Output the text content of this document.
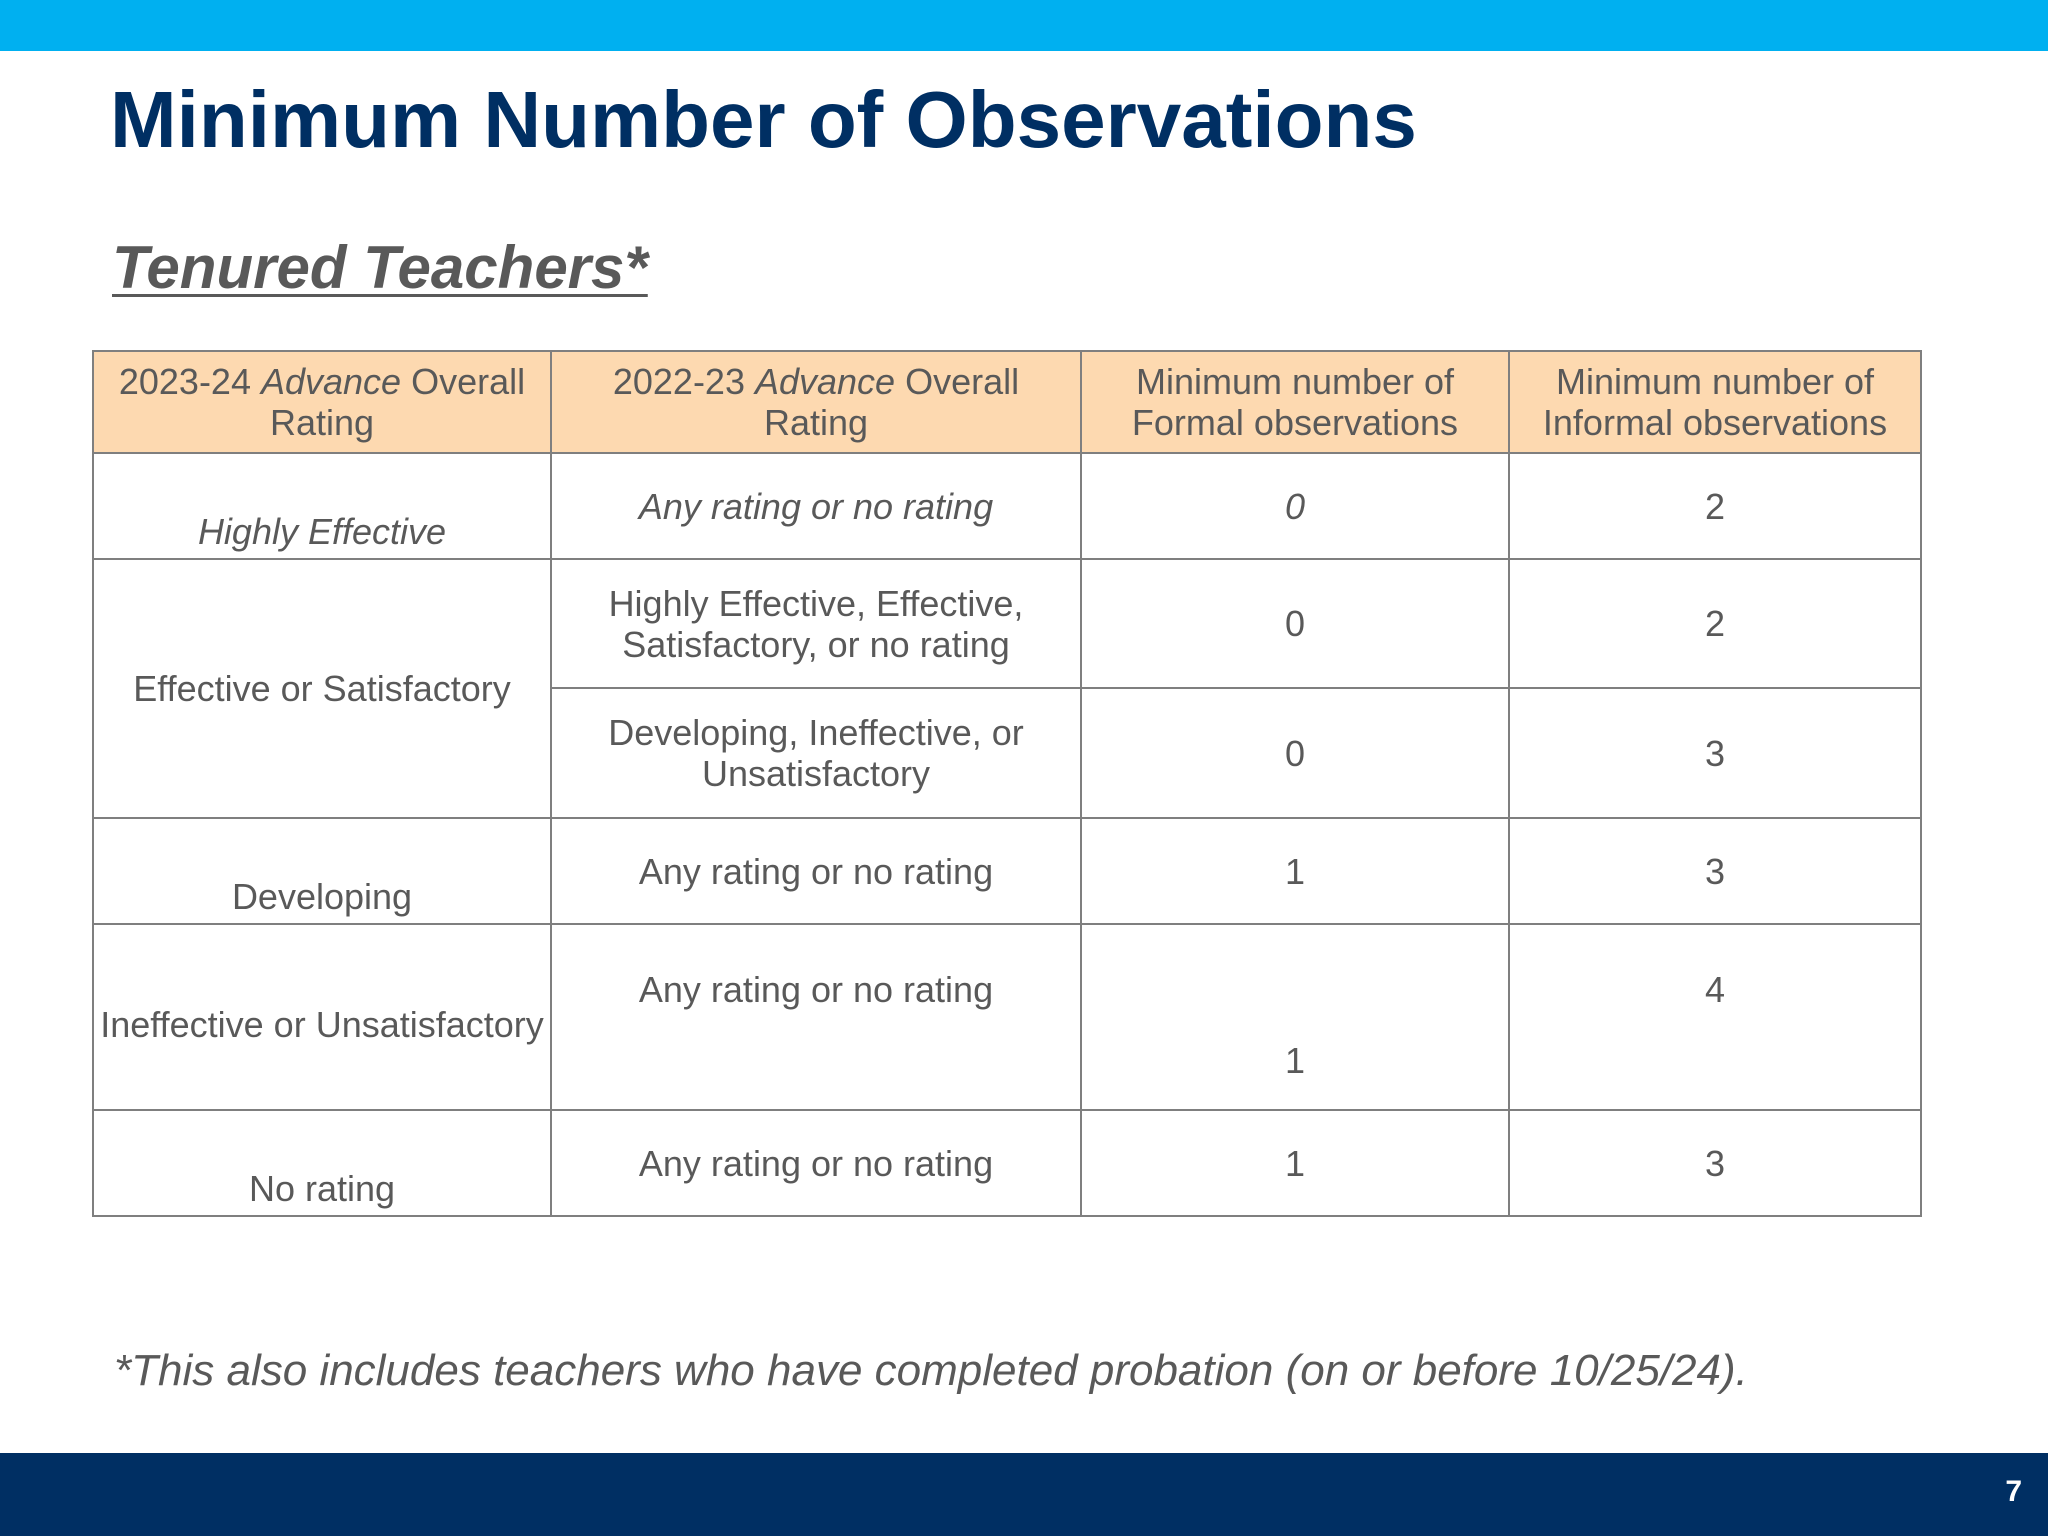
Minimum Number of Observations
Tenured Teachers*
2023-24 Advance Overall Rating	2022-23 Advance Overall Rating	Minimum number of Formal observations	Minimum number of Informal observations
Highly Effective	Any rating or no rating	0	2
Effective or Satisfactory	Highly Effective, Effective, Satisfactory, or no rating	0	2
	Developing, Ineffective, or Unsatisfactory	0	3
Developing	Any rating or no rating	1	3
Ineffective or Unsatisfactory	Any rating or no rating	1	4
No rating	Any rating or no rating	1	3

*This also includes teachers who have completed probation (on or before 10/25/24).

7
